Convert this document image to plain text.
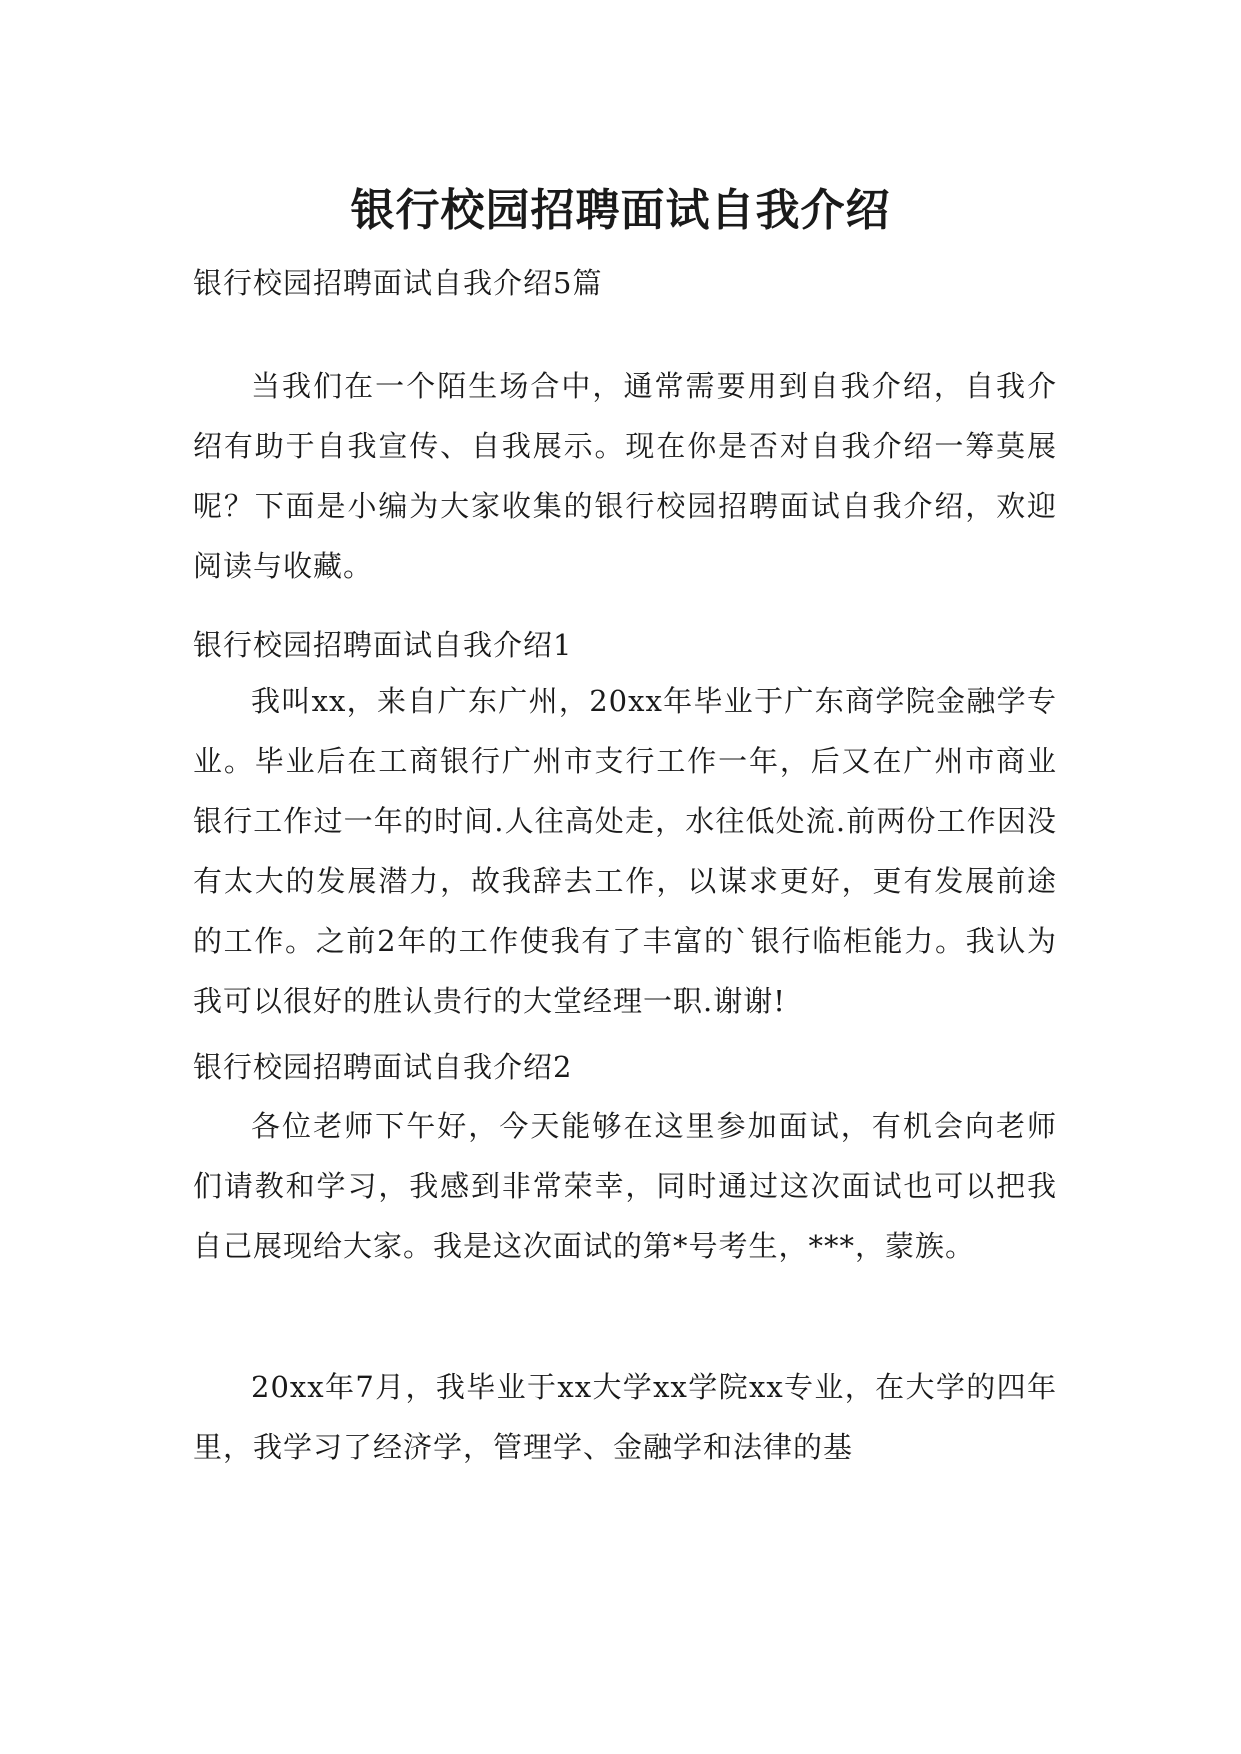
银行校园招聘面试自我介绍

银行校园招聘面试自我介绍5篇

当我们在一个陌生场合中，通常需要用到自我介绍，自我介绍有助于自我宣传、自我展示。现在你是否对自我介绍一筹莫展呢？下面是小编为大家收集的银行校园招聘面试自我介绍，欢迎阅读与收藏。

银行校园招聘面试自我介绍1

我叫xx，来自广东广州，20xx年毕业于广东商学院金融学专业。毕业后在工商银行广州市支行工作一年，后又在广州市商业银行工作过一年的时间.人往高处走，水往低处流.前两份工作因没有太大的发展潜力，故我辞去工作，以谋求更好，更有发展前途的工作。之前2年的工作使我有了丰富的`银行临柜能力。我认为我可以很好的胜认贵行的大堂经理一职.谢谢!

银行校园招聘面试自我介绍2

各位老师下午好，今天能够在这里参加面试，有机会向老师们请教和学习，我感到非常荣幸，同时通过这次面试也可以把我自己展现给大家。我是这次面试的第*号考生，***，蒙族。

20xx年7月，我毕业于xx大学xx学院xx专业，在大学的四年里，我学习了经济学，管理学、金融学和法律的基
